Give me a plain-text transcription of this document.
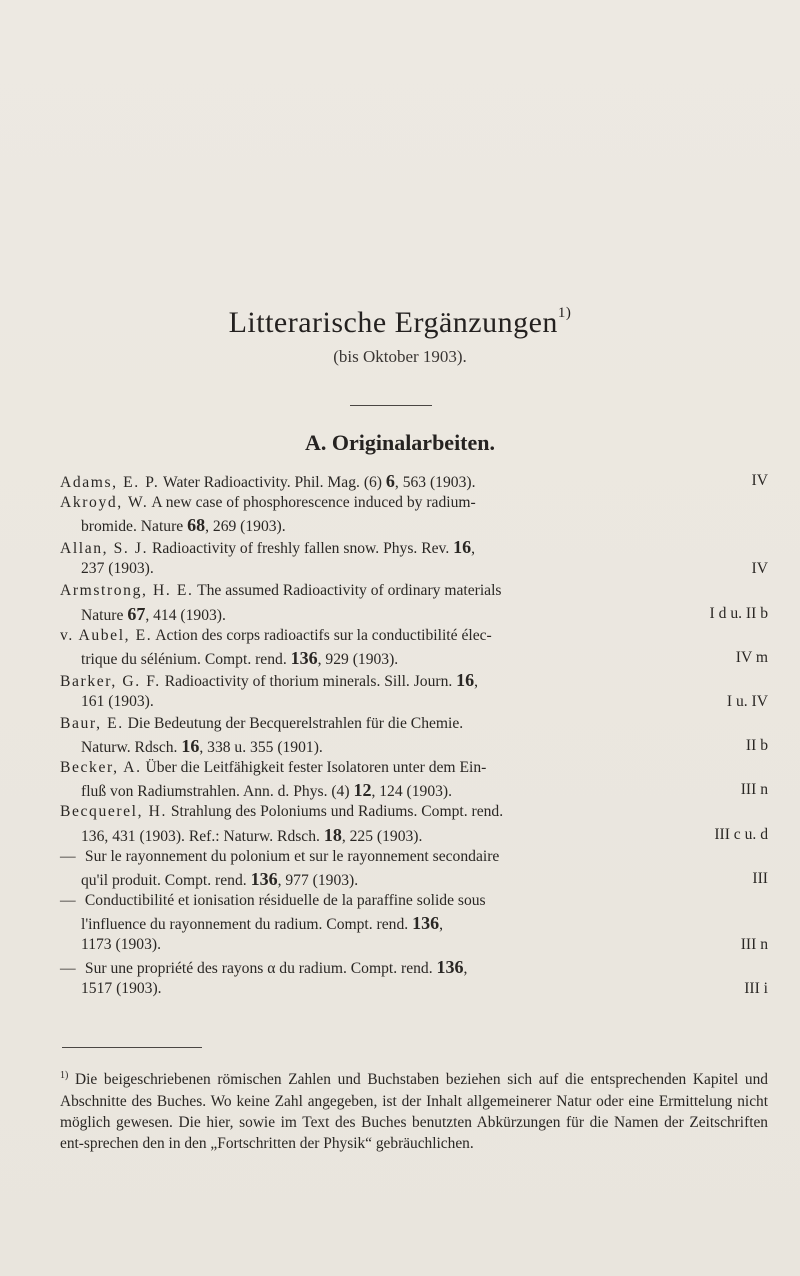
Litterarische Ergänzungen$^{1)}$
(bis Oktober 1903).
A. Originalarbeiten.
Adams, E. P. Water Radioactivity. Phil. Mag. (6) 6, 563 (1903).	IV
Akroyd, W. A new case of phosphorescence induced by radium-
bromide. Nature 68, 269 (1903).
Allan, S. J. Radioactivity of freshly fallen snow. Phys. Rev. 16,
237 (1903).	IV
Armstrong, H. E. The assumed Radioactivity of ordinary materials
Nature 67, 414 (1903).	I d u. II b
v. Aubel, E. Action des corps radioactifs sur la conductibilité élec-
trique du sélénium. Compt. rend. 136, 929 (1903).	IV m
Barker, G. F. Radioactivity of thorium minerals. Sill. Journ. 16,
161 (1903).	I u. IV
Baur, E. Die Bedeutung der Becquerelstrahlen für die Chemie.
Naturw. Rdsch. 16, 338 u. 355 (1901).	II b
Becker, A. Über die Leitfähigkeit fester Isolatoren unter dem Ein-
fluß von Radiumstrahlen. Ann. d. Phys. (4) 12, 124 (1903).	III n
Becquerel, H. Strahlung des Poloniums und Radiums. Compt. rend.
136, 431 (1903). Ref.: Naturw. Rdsch. 18, 225 (1903).	III c u. d
— Sur le rayonnement du polonium et sur le rayonnement secondaire
qu'il produit. Compt. rend. 136, 977 (1903).	III
— Conductibilité et ionisation résiduelle de la paraffine solide sous
l'influence du rayonnement du radium. Compt. rend. 136,
1173 (1903).	III n
— Sur une propriété des rayons α du radium. Compt. rend. 136,
1517 (1903).	III i
$^{1)}$ Die beigeschriebenen römischen Zahlen und Buchstaben beziehen sich auf die entsprechenden Kapitel und Abschnitte des Buches. Wo keine Zahl angegeben, ist der Inhalt allgemeinerer Natur oder eine Ermittelung nicht möglich gewesen. Die hier, sowie im Text des Buches benutzten Abkürzungen für die Namen der Zeitschriften ent-sprechen den in den „Fortschritten der Physik“ gebräuchlichen.
